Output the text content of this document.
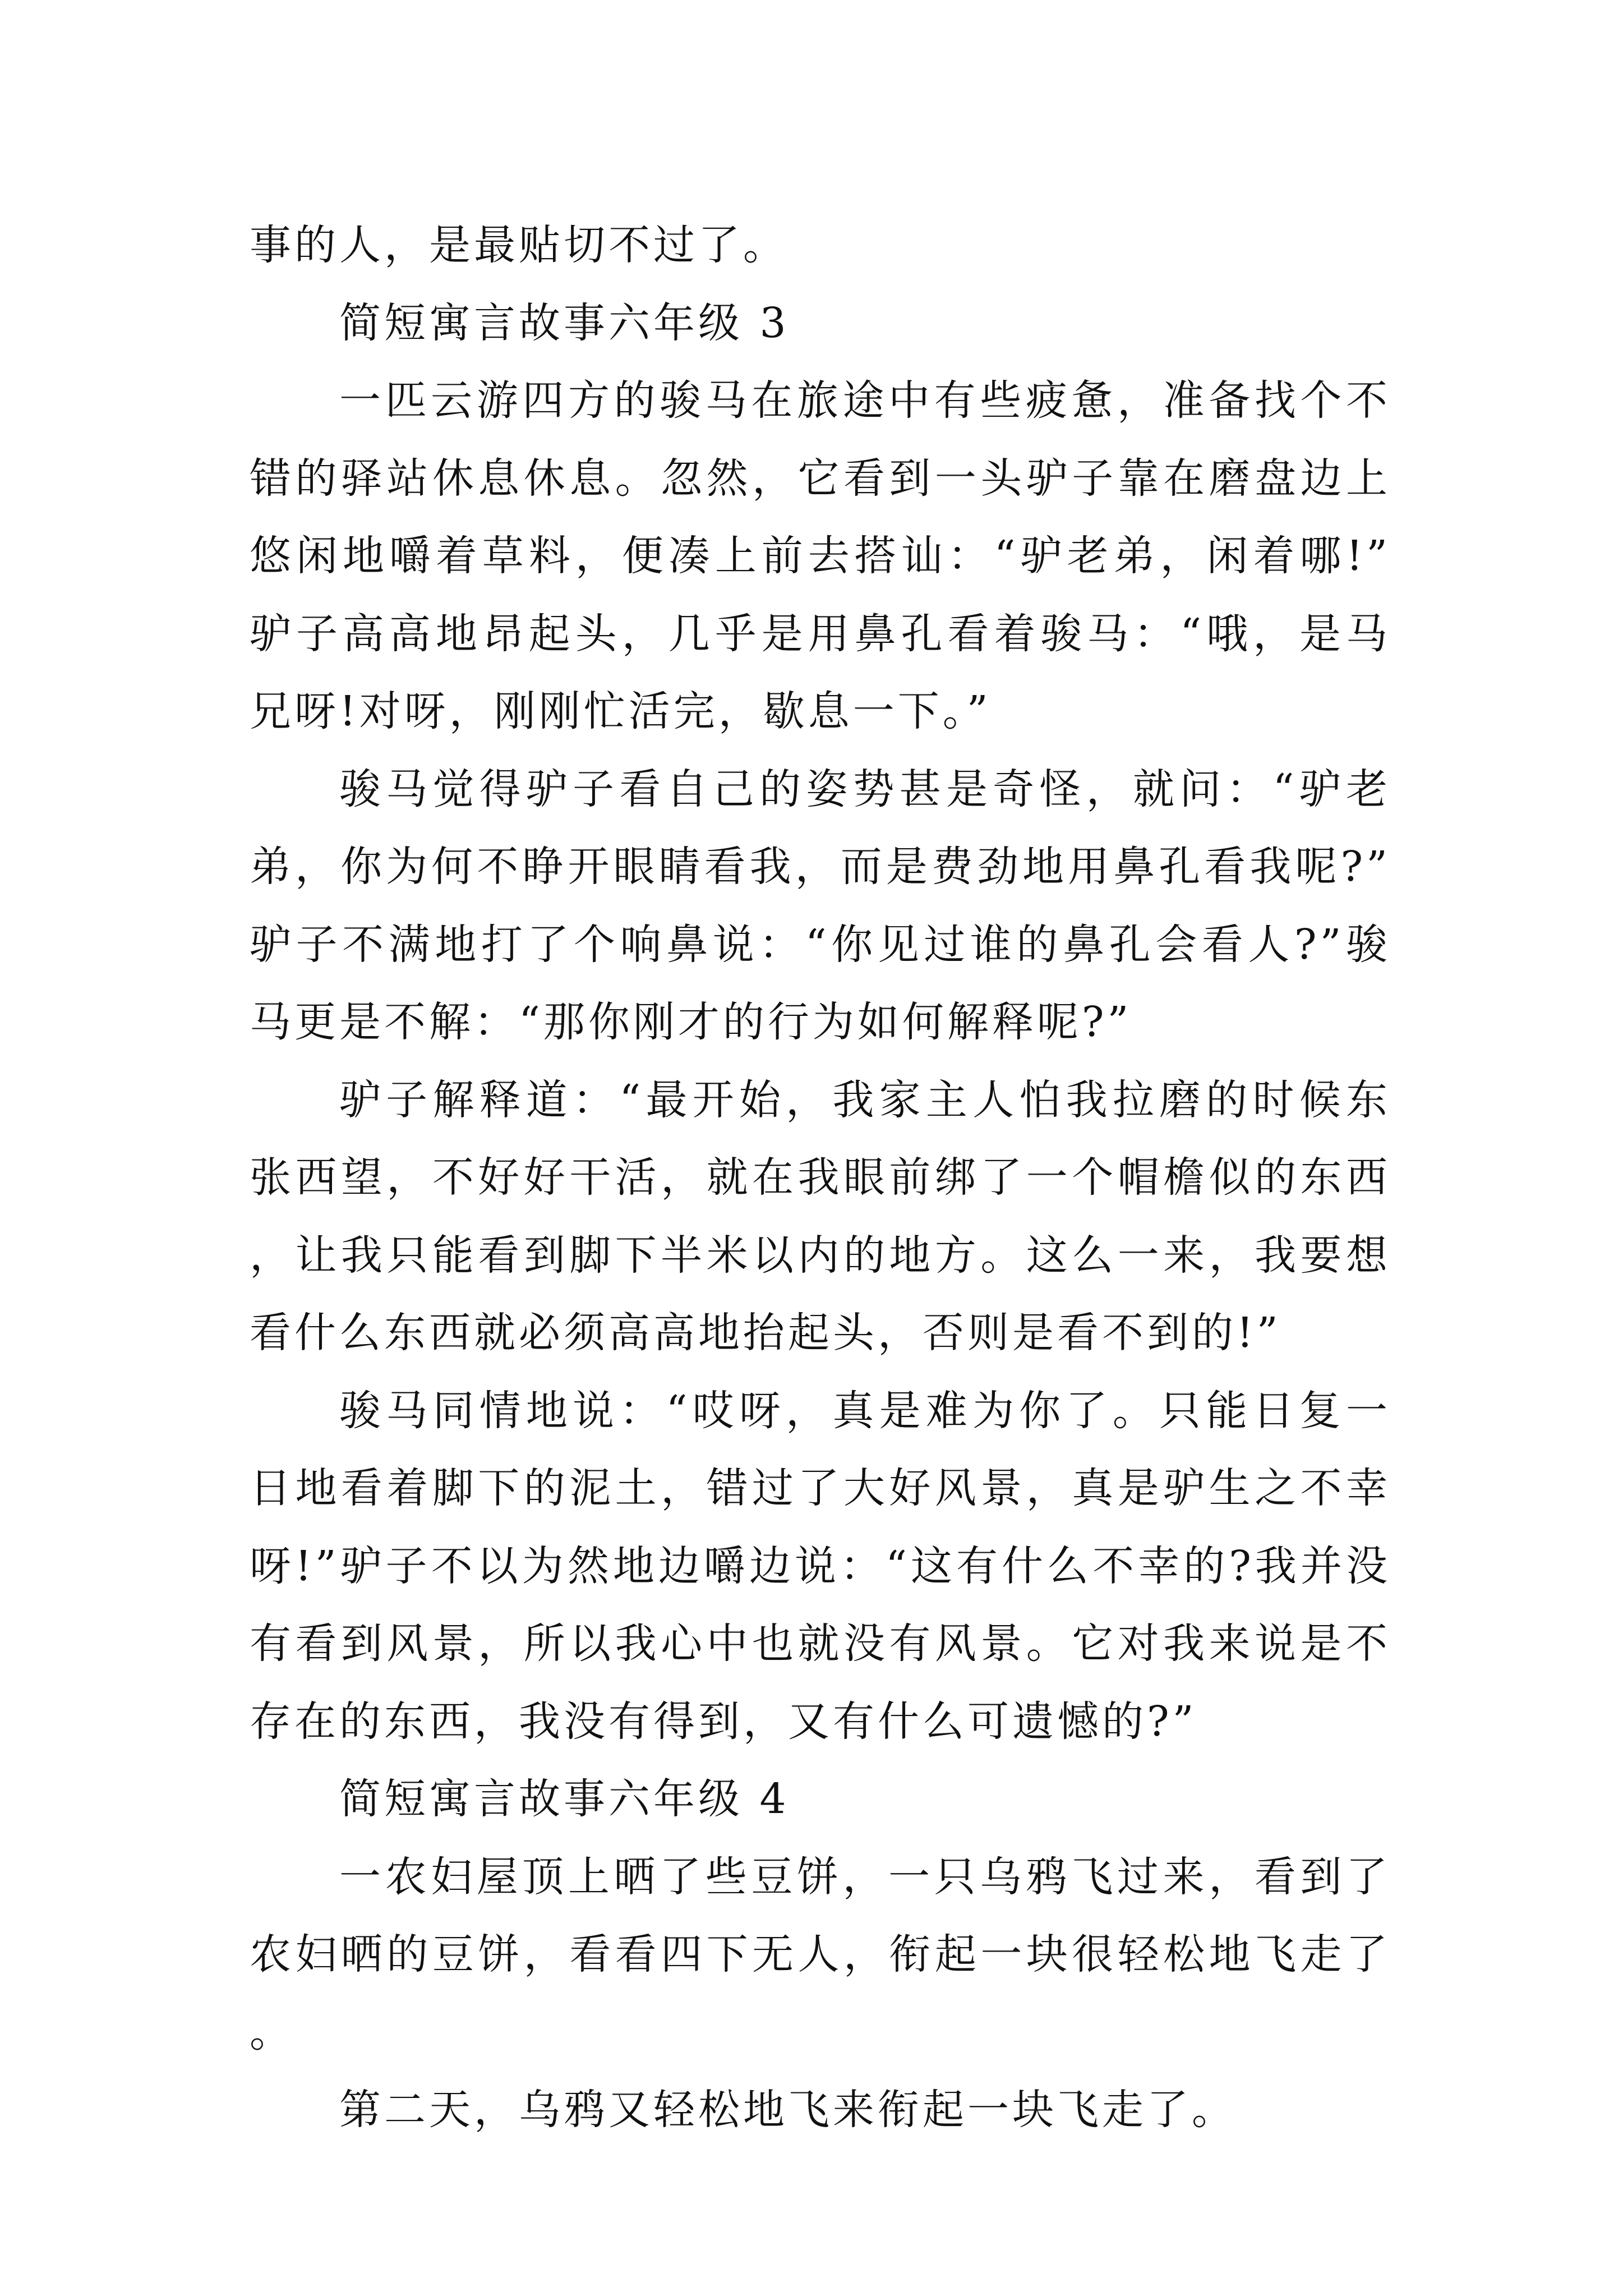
事的人，是最贴切不过了。

简短寓言故事六年级 3

一匹云游四方的骏马在旅途中有些疲惫，准备找个不错的驿站休息休息。忽然，它看到一头驴子靠在磨盘边上悠闲地嚼着草料，便凑上前去搭讪：“驴老弟，闲着哪!”驴子高高地昂起头，几乎是用鼻孔看着骏马：“哦，是马兄呀!对呀，刚刚忙活完，歇息一下。”

骏马觉得驴子看自己的姿势甚是奇怪，就问：“驴老弟，你为何不睁开眼睛看我，而是费劲地用鼻孔看我呢?”驴子不满地打了个响鼻说：“你见过谁的鼻孔会看人?”骏马更是不解：“那你刚才的行为如何解释呢?”

驴子解释道：“最开始，我家主人怕我拉磨的时候东张西望，不好好干活，就在我眼前绑了一个帽檐似的东西，让我只能看到脚下半米以内的地方。这么一来，我要想看什么东西就必须高高地抬起头，否则是看不到的!”

骏马同情地说：“哎呀，真是难为你了。只能日复一日地看着脚下的泥土，错过了大好风景，真是驴生之不幸呀!”驴子不以为然地边嚼边说：“这有什么不幸的?我并没有看到风景，所以我心中也就没有风景。它对我来说是不存在的东西，我没有得到，又有什么可遗憾的?”

简短寓言故事六年级 4

一农妇屋顶上晒了些豆饼，一只乌鸦飞过来，看到了农妇晒的豆饼，看看四下无人，衔起一块很轻松地飞走了。

第二天，乌鸦又轻松地飞来衔起一块飞走了。
